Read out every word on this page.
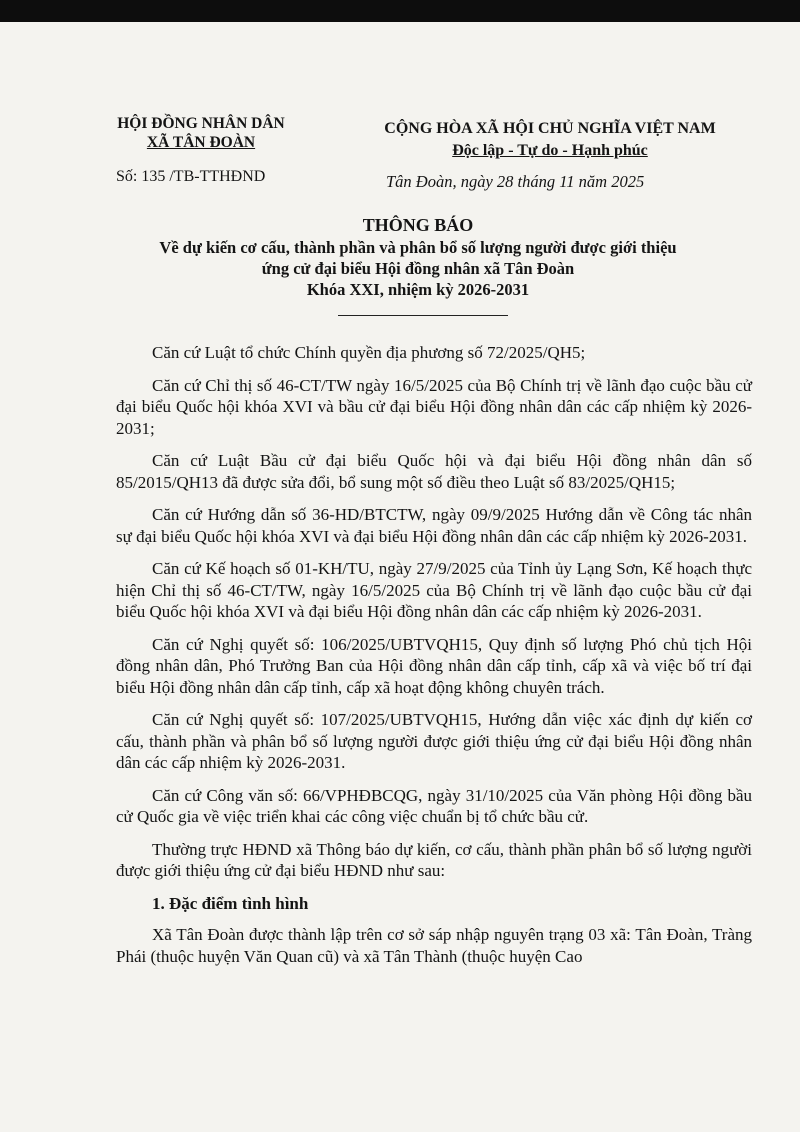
HỘI ĐỒNG NHÂN DÂN
XÃ TÂN ĐOÀN
Số: 135 /TB-TTHĐND
CỘNG HÒA XÃ HỘI CHỦ NGHĨA VIỆT NAM
Độc lập - Tự do - Hạnh phúc
Tân Đoàn, ngày 28 tháng 11 năm 2025
THÔNG BÁO
Về dự kiến cơ cấu, thành phần và phân bổ số lượng người được giới thiệu
ứng cử đại biểu Hội đồng nhân xã Tân Đoàn
Khóa XXI, nhiệm kỳ 2026-2031

Căn cứ Luật tổ chức Chính quyền địa phương số 72/2025/QH5;

Căn cứ Chỉ thị số 46-CT/TW ngày 16/5/2025 của Bộ Chính trị về lãnh đạo cuộc bầu cử đại biểu Quốc hội khóa XVI và bầu cử đại biểu Hội đồng nhân dân các cấp nhiệm kỳ 2026-2031;

Căn cứ Luật Bầu cử đại biểu Quốc hội và đại biểu Hội đồng nhân dân số 85/2015/QH13 đã được sửa đổi, bổ sung một số điều theo Luật số 83/2025/QH15;

Căn cứ Hướng dẫn số 36-HD/BTCTW, ngày 09/9/2025 Hướng dẫn về Công tác nhân sự đại biểu Quốc hội khóa XVI và đại biểu Hội đồng nhân dân các cấp nhiệm kỳ 2026-2031.

Căn cứ Kế hoạch số 01-KH/TU, ngày 27/9/2025 của Tỉnh ủy Lạng Sơn, Kế hoạch thực hiện Chỉ thị số 46-CT/TW, ngày 16/5/2025 của Bộ Chính trị về lãnh đạo cuộc bầu cử đại biểu Quốc hội khóa XVI và đại biểu Hội đồng nhân dân các cấp nhiệm kỳ 2026-2031.

Căn cứ Nghị quyết số: 106/2025/UBTVQH15, Quy định số lượng Phó chủ tịch Hội đồng nhân dân, Phó Trưởng Ban của Hội đồng nhân dân cấp tỉnh, cấp xã và việc bố trí đại biểu Hội đồng nhân dân cấp tỉnh, cấp xã hoạt động không chuyên trách.

Căn cứ Nghị quyết số: 107/2025/UBTVQH15, Hướng dẫn việc xác định dự kiến cơ cấu, thành phần và phân bổ số lượng người được giới thiệu ứng cử đại biểu Hội đồng nhân dân các cấp nhiệm kỳ 2026-2031.

Căn cứ Công văn số: 66/VPHĐBCQG, ngày 31/10/2025 của Văn phòng Hội đồng bầu cử Quốc gia về việc triển khai các công việc chuẩn bị tổ chức bầu cử.

Thường trực HĐND xã Thông báo dự kiến, cơ cấu, thành phần phân bổ số lượng người được giới thiệu ứng cử đại biểu HĐND như sau:

1. Đặc điểm tình hình

Xã Tân Đoàn được thành lập trên cơ sở sáp nhập nguyên trạng 03 xã: Tân Đoàn, Tràng Phái (thuộc huyện Văn Quan cũ) và xã Tân Thành (thuộc huyện Cao
